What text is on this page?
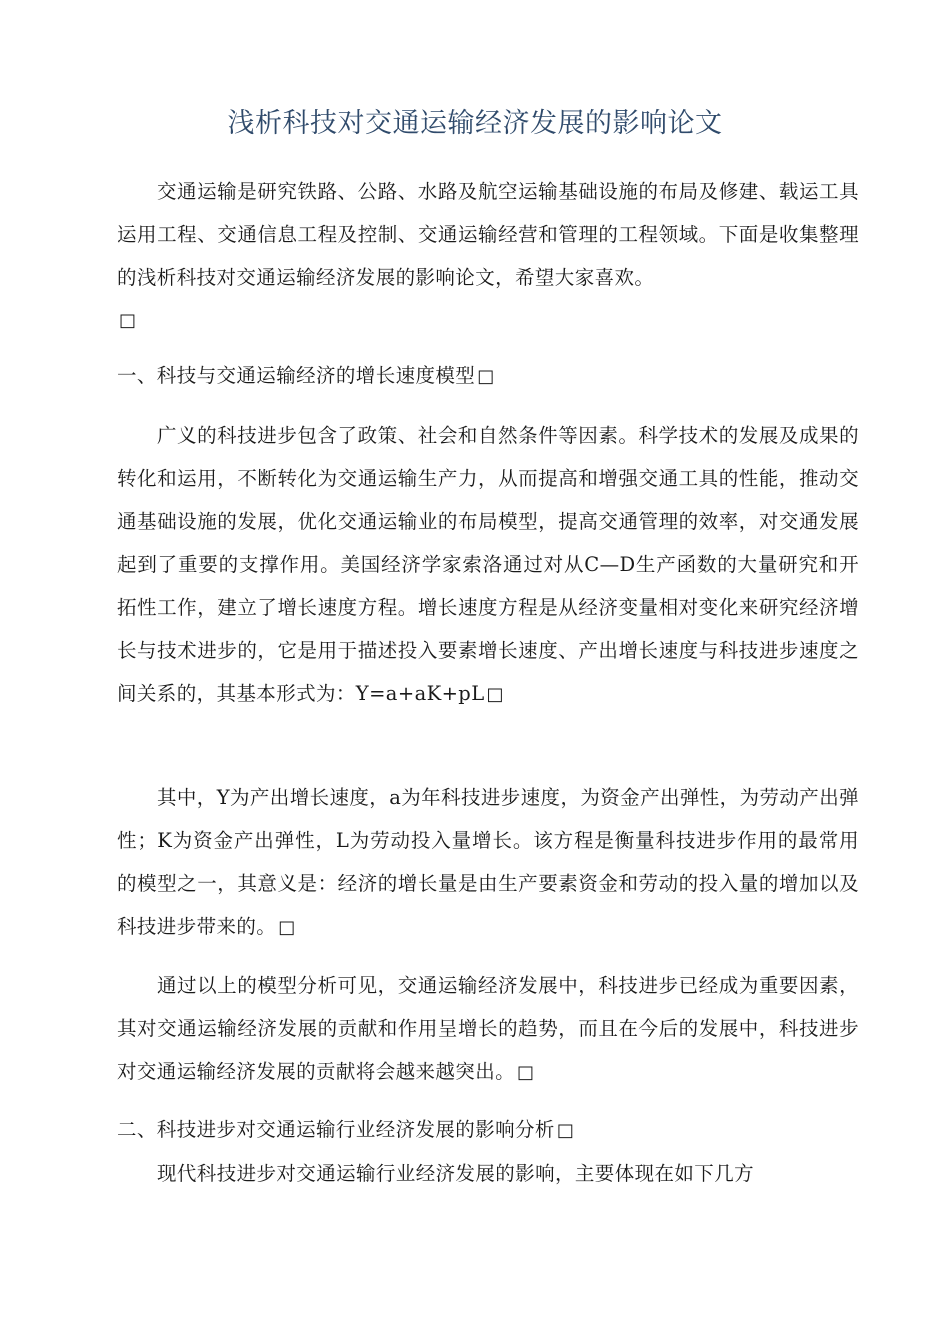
浅析科技对交通运输经济发展的影响论文

交通运输是研究铁路、公路、水路及航空运输基础设施的布局及修建、载运工具运用工程、交通信息工程及控制、交通运输经营和管理的工程领域。下面是收集整理的浅析科技对交通运输经济发展的影响论文，希望大家喜欢。
□

一、科技与交通运输经济的增长速度模型 □

广义的科技进步包含了政策、社会和自然条件等因素。科学技术的发展及成果的转化和运用，不断转化为交通运输生产力，从而提高和增强交通工具的性能，推动交通基础设施的发展，优化交通运输业的布局模型，提高交通管理的效率，对交通发展起到了重要的支撑作用。美国经济学家索洛通过对从C—D生产函数的大量研究和开拓性工作，建立了增长速度方程。增长速度方程是从经济变量相对变化来研究经济增长与技术进步的，它是用于描述投入要素增长速度、产出增长速度与科技进步速度之间关系的，其基本形式为：Y=a+aK+pL □

其中，Y为产出增长速度，a为年科技进步速度，为资金产出弹性，为劳动产出弹性；K为资金产出弹性，L为劳动投入量增长。该方程是衡量科技进步作用的最常用的模型之一，其意义是：经济的增长量是由生产要素资金和劳动的投入量的增加以及科技进步带来的。 □

通过以上的模型分析可见，交通运输经济发展中，科技进步已经成为重要因素，其对交通运输经济发展的贡献和作用呈增长的趋势，而且在今后的发展中，科技进步对交通运输经济发展的贡献将会越来越突出。 □

二、科技进步对交通运输行业经济发展的影响分析 □

现代科技进步对交通运输行业经济发展的影响，主要体现在如下几方
